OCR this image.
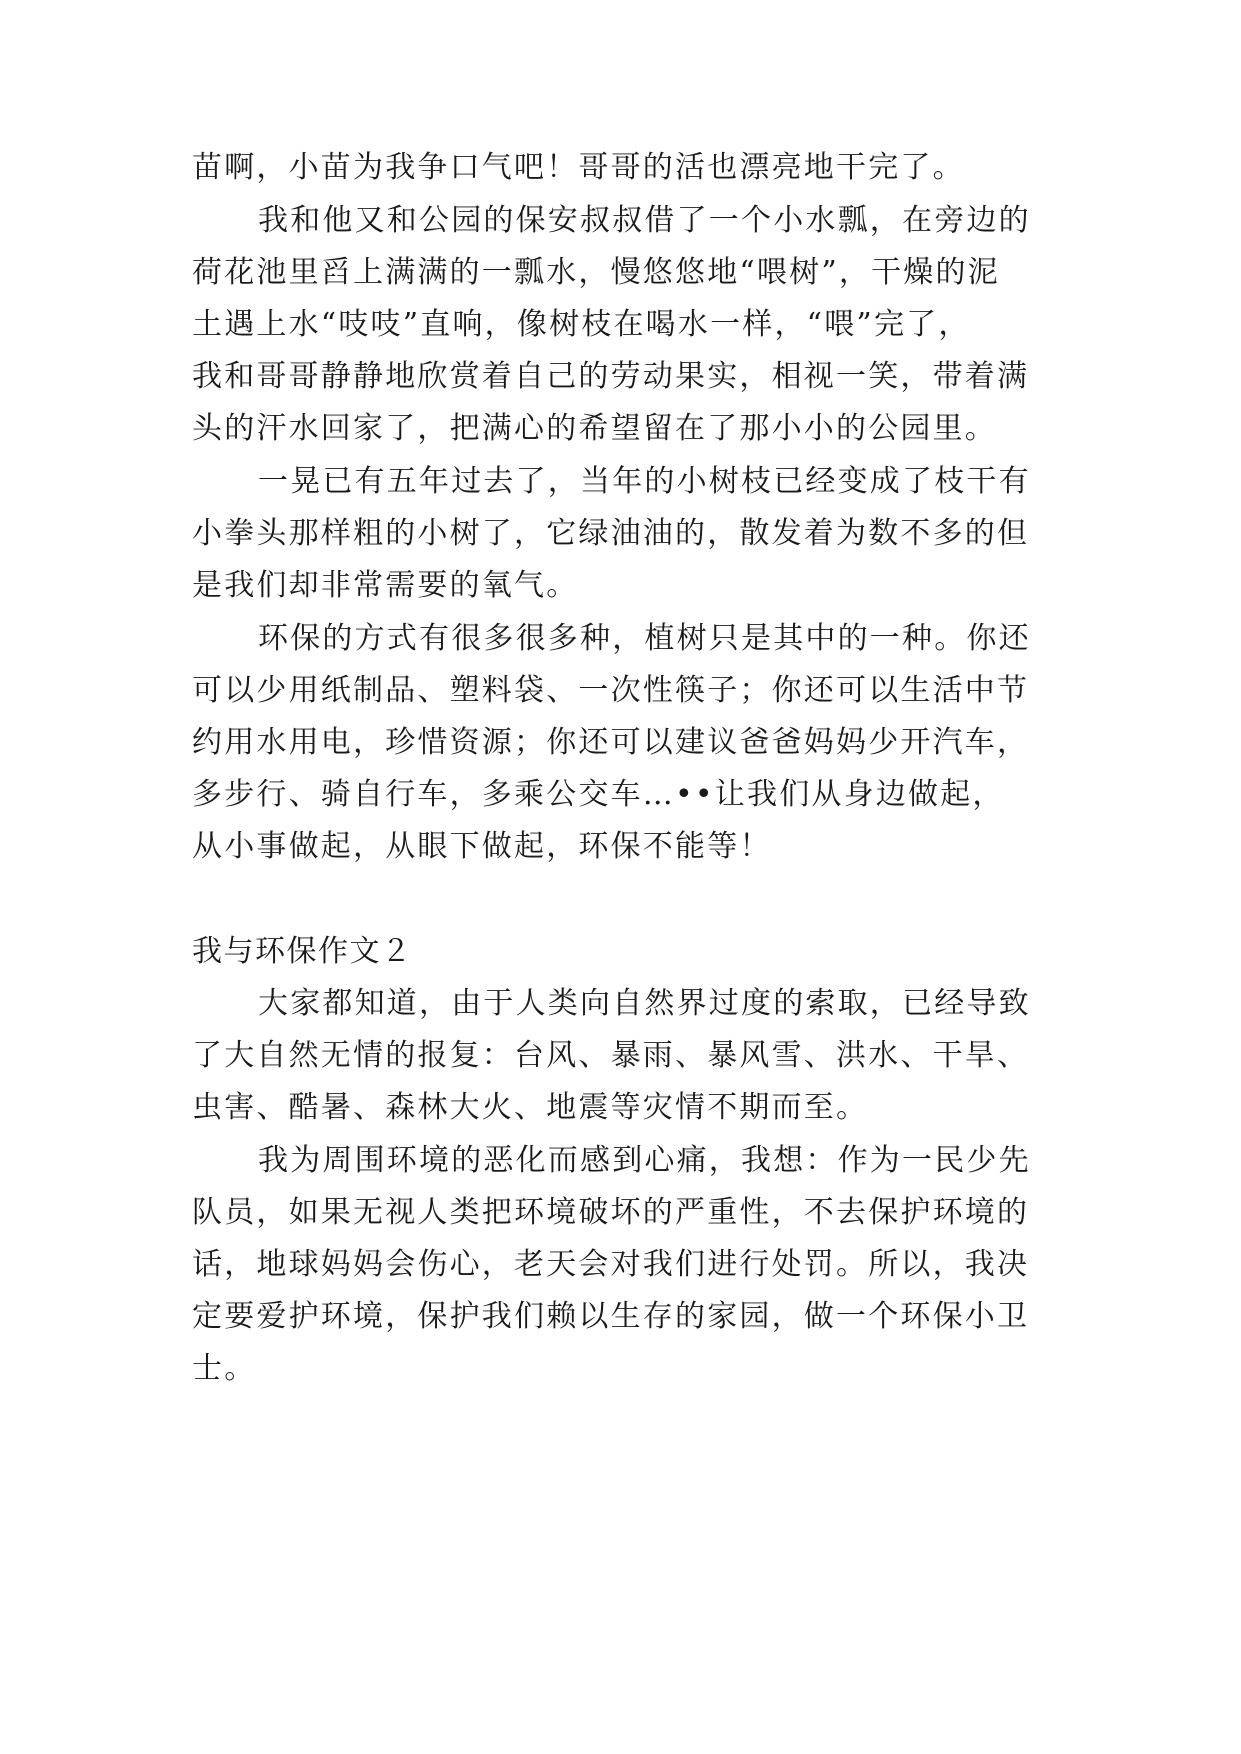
苗啊，小苗为我争口气吧！哥哥的活也漂亮地干完了。
我和他又和公园的保安叔叔借了一个小水瓢，在旁边的
荷花池里舀上满满的一瓢水，慢悠悠地“喂树”，干燥的泥
土遇上水“吱吱”直响，像树枝在喝水一样，“喂”完了，
我和哥哥静静地欣赏着自己的劳动果实，相视一笑，带着满
头的汗水回家了，把满心的希望留在了那小小的公园里。
一晃已有五年过去了，当年的小树枝已经变成了枝干有
小拳头那样粗的小树了，它绿油油的，散发着为数不多的但
是我们却非常需要的氧气。
环保的方式有很多很多种，植树只是其中的一种。你还
可以少用纸制品、塑料袋、一次性筷子；你还可以生活中节
约用水用电，珍惜资源；你还可以建议爸爸妈妈少开汽车，
多步行、骑自行车，多乘公交车…••让我们从身边做起，
从小事做起，从眼下做起，环保不能等！
我与环保作文２
大家都知道，由于人类向自然界过度的索取，已经导致
了大自然无情的报复：台风、暴雨、暴风雪、洪水、干旱、
虫害、酷暑、森林大火、地震等灾情不期而至。
我为周围环境的恶化而感到心痛，我想：作为一民少先
队员，如果无视人类把环境破坏的严重性，不去保护环境的
话，地球妈妈会伤心，老天会对我们进行处罚。所以，我决
定要爱护环境，保护我们赖以生存的家园，做一个环保小卫
士。
